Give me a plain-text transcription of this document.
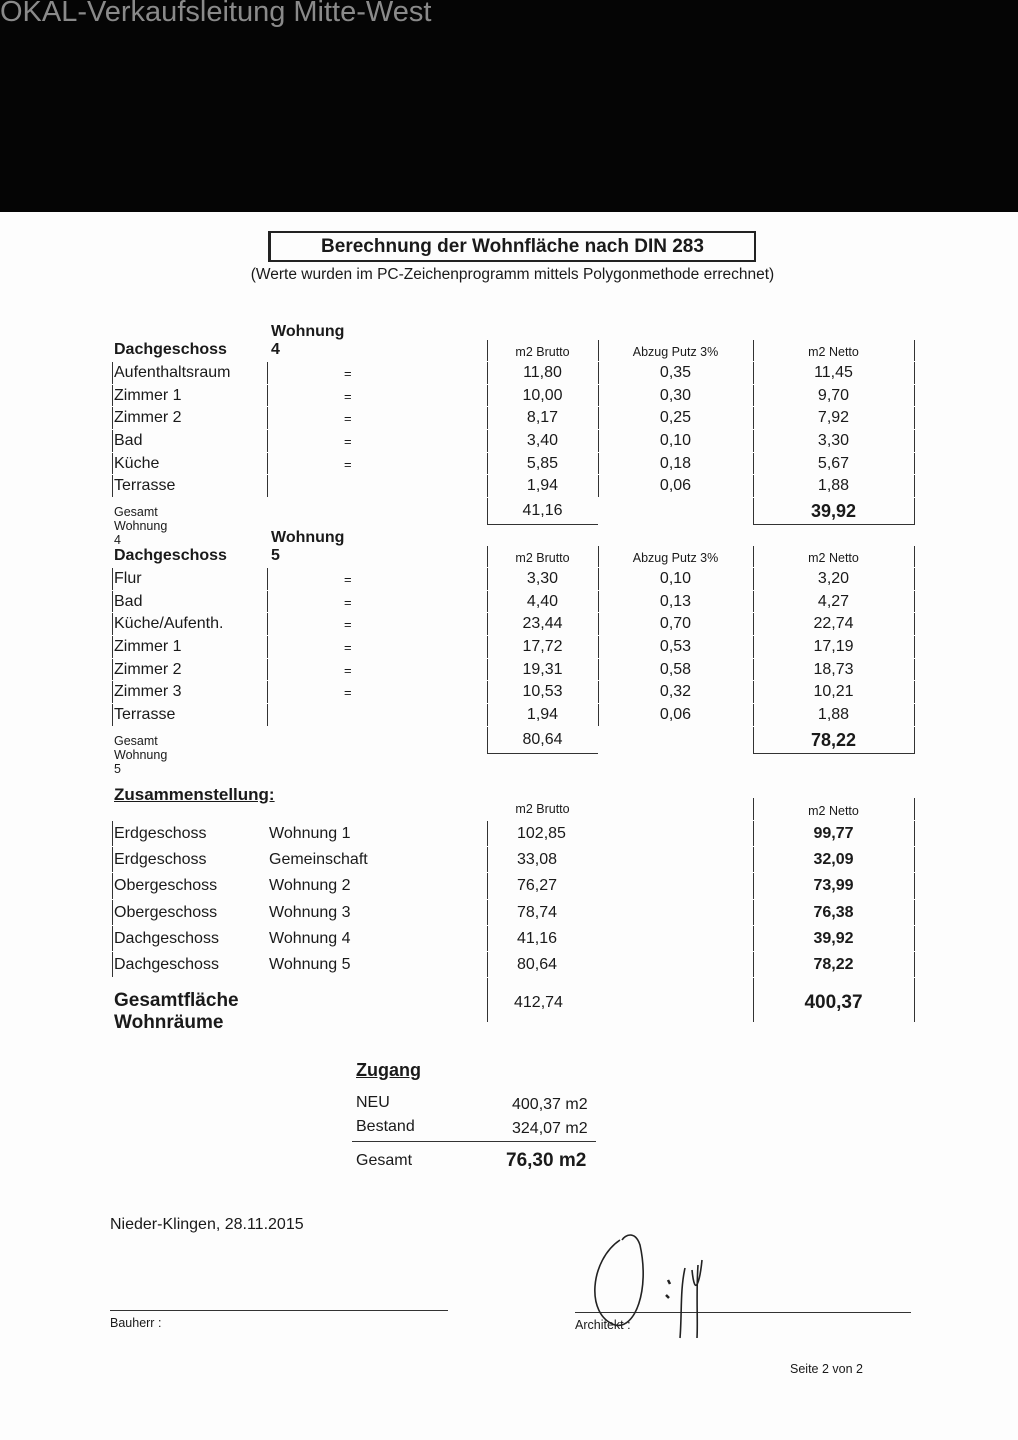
OKAL-Verkaufsleitung Mitte-West
Berechnung der Wohnfläche nach DIN 283
(Werte wurden im PC-Zeichenprogramm mittels Polygonmethode errechnet)
Dachgeschoss
Wohnung 4	m2 Brutto	Abzug Putz 3%	m2 Netto
Aufenthaltsraum	=	11,80	0,35	11,45
Zimmer 1	=	10,00	0,30	9,70
Zimmer 2	=	8,17	0,25	7,92
Bad	=	3,40	0,10	3,30
Küche	=	5,85	0,18	5,67
Terrasse	1,94	0,06	1,88
Gesamt Wohnung 4
41,16	39,92
Dachgeschoss
Wohnung 5	m2 Brutto	Abzug Putz 3%	m2 Netto
Flur	=	3,30	0,10	3,20
Bad	=	4,40	0,13	4,27
Küche/Aufenth.	=	23,44	0,70	22,74
Zimmer 1	=	17,72	0,53	17,19
Zimmer 2	=	19,31	0,58	18,73
Zimmer 3	=	10,53	0,32	10,21
Terrasse	1,94	0,06	1,88
Gesamt Wohnung 5
80,64	78,22
Zusammenstellung:
m2 Brutto	m2 Netto
Erdgeschoss	Wohnung 1	102,85	99,77
Erdgeschoss	Gemeinschaft	33,08	32,09
Obergeschoss	Wohnung 2	76,27	73,99
Obergeschoss	Wohnung 3	78,74	76,38
Dachgeschoss	Wohnung 4	41,16	39,92
Dachgeschoss	Wohnung 5	80,64	78,22
Gesamtfläche Wohnräume
412,74	400,37
Zugang
NEU	400,37 m2
Bestand	324,07 m2
Gesamt	76,30 m2
Nieder-Klingen, 28.11.2015
Bauherr :	Architekt :
Seite 2 von 2
